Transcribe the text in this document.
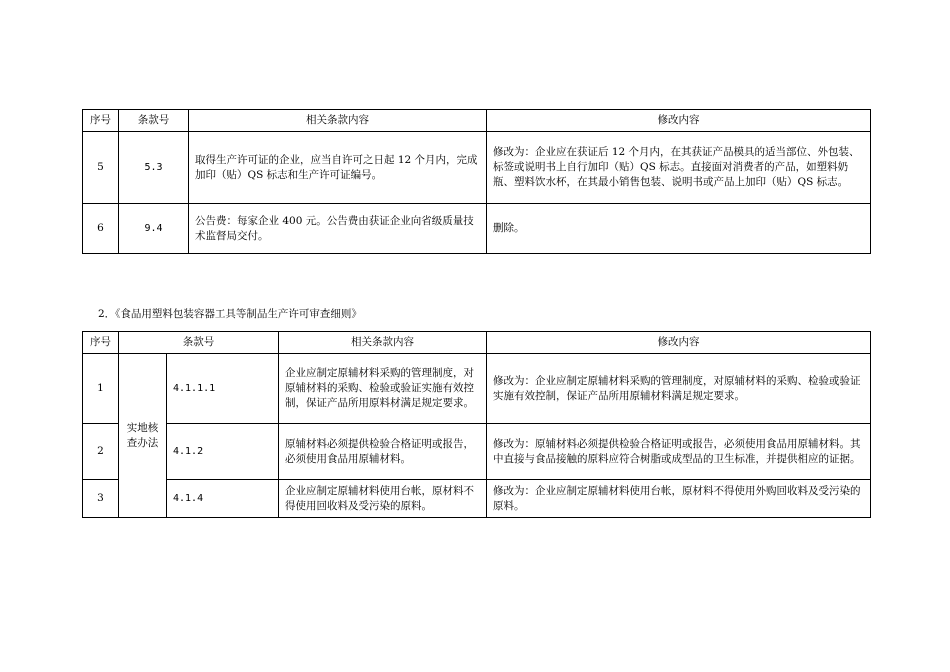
序号	条款号	相关条款内容	修改内容
5	5.3	取得生产许可证的企业，应当自许可之日起 12 个月内，完成加印（贴）QS 标志和生产许可证编号。	修改为：企业应在获证后 12 个月内，在其获证产品模具的适当部位、外包装、标签或说明书上自行加印（贴）QS 标志。直接面对消费者的产品，如塑料奶瓶、塑料饮水杯，在其最小销售包装、说明书或产品上加印（贴）QS 标志。
6	9.4	公告费：每家企业 400 元。公告费由获证企业向省级质量技术监督局交付。	删除。
2．《食品用塑料包装容器工具等制品生产许可审查细则》
序号	条款号		相关条款内容	修改内容
1	实地核查办法	4.1.1.1	企业应制定原辅材料采购的管理制度，对原辅材料的采购、检验或验证实施有效控制，保证产品所用原料材满足规定要求。	修改为：企业应制定原辅材料采购的管理制度，对原辅材料的采购、检验或验证实施有效控制，保证产品所用原辅材料满足规定要求。
2		4.1.2	原辅材料必须提供检验合格证明或报告，必须使用食品用原辅材料。	修改为：原辅材料必须提供检验合格证明或报告，必须使用食品用原辅材料。其中直接与食品接触的原料应符合树脂或成型品的卫生标准，并提供相应的证据。
3		4.1.4	企业应制定原辅材料使用台帐，原材料不得使用回收料及受污染的原料。	修改为：企业应制定原辅材料使用台帐，原材料不得使用外购回收料及受污染的原料。
